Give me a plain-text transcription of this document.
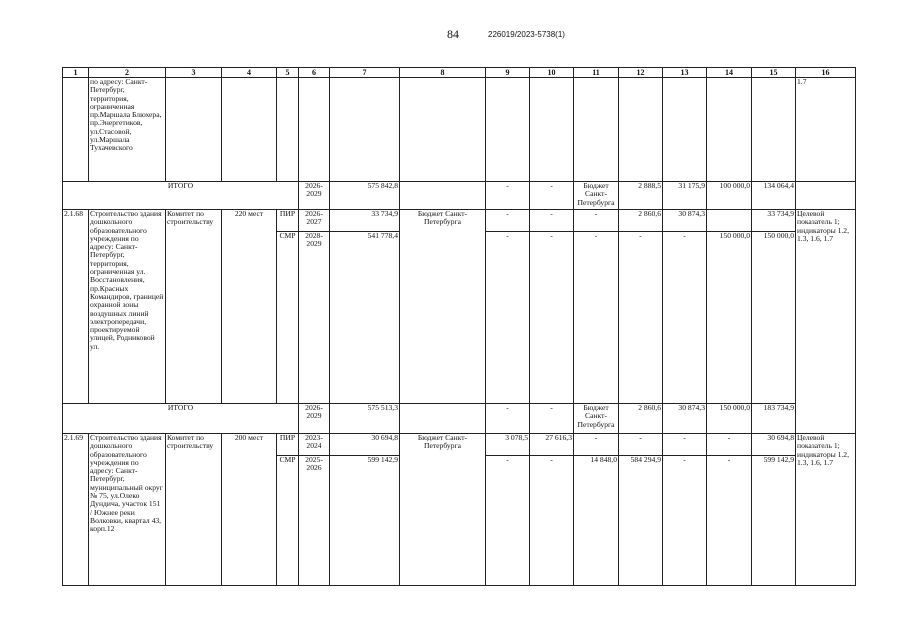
84	226019/2023-5738(1)
1	2	3	4	5	6	7	8	9	10	11	12	13	14	15	16
	по адресу: Санкт-Петербург, территория, ограниченная пр.Маршала Блюхера, пр.Энергетиков, ул.Стасовой, ул.Маршала Тухачевского														1.7
ИТОГО					2026-2029	575 842,8		-	-	Бюджет Санкт-Петербурга	2 888,5	31 175,9	100 000,0	134 064,4	
2.1.68	Строительство здания дошкольного образовательного учреждения по адресу: Санкт-Петербург, территория, ограниченная ул. Восстановления, пр.Красных Командиров, границей охранной зоны воздушных линий электропередачи, проектируемой улицей, Родниковой ул.	Комитет по строительству	220 мест	ПИР	2026-2027	33 734,9	Бюджет Санкт-Петербурга	-	-	-	2 860,6	30 874,3		33 734,9	Целевой показатель 1; индикаторы 1.2, 1.3, 1.6, 1.7
				СМР	2028-2029	541 778,4		-	-	-	-	-	150 000,0	150 000,0	
ИТОГО					2026-2029	575 513,3		-	-	Бюджет Санкт-Петербурга	2 860,6	30 874,3	150 000,0	183 734,9	
2.1.69	Строительство здания дошкольного образовательного учреждения по адресу: Санкт-Петербург, муниципальный округ № 75, ул.Олеко Дундича, участок 151 / Южнее реки Волковки, квартал 43, корп.12	Комитет по строительству	200 мест	ПИР	2023-2024	30 694,8	Бюджет Санкт-Петербурга	3 078,5	27 616,3	-	-	-	-	30 694,8	Целевой показатель 1; индикаторы 1.2, 1.3, 1.6, 1.7
				СМР	2025-2026	599 142,9		-	-	14 848,0	584 294,9	-	-	599 142,9	
